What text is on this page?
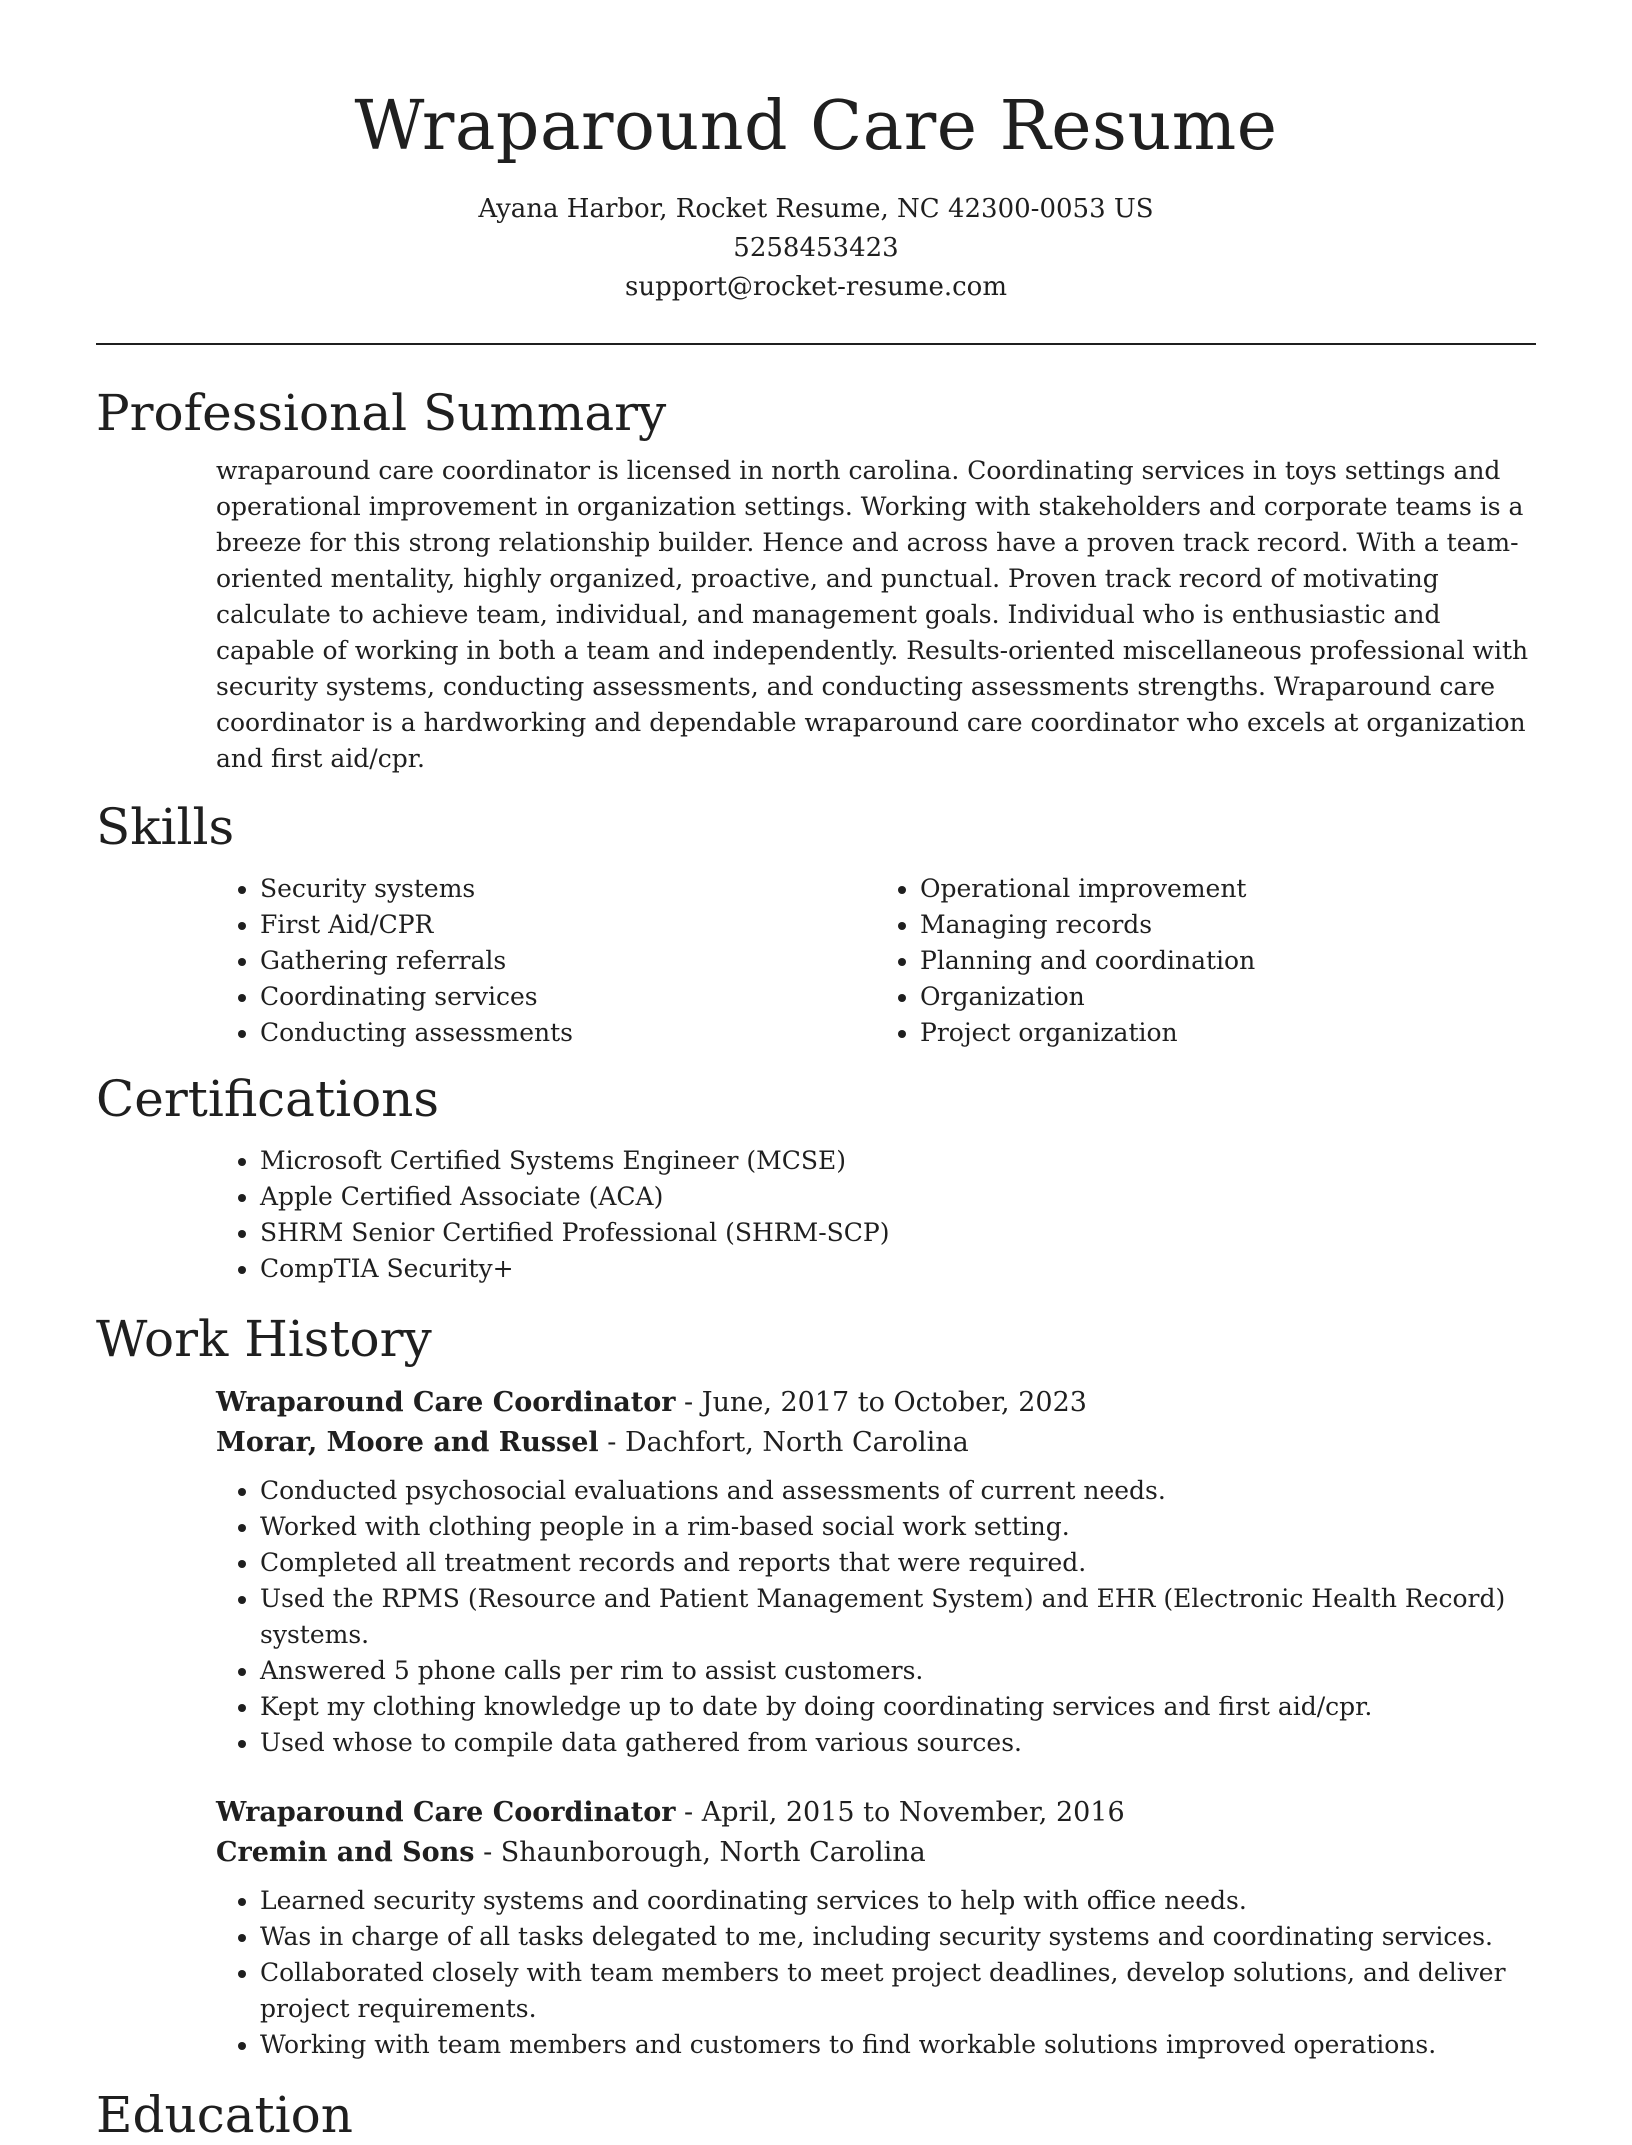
Wraparound Care Resume

Ayana Harbor, Rocket Resume, NC 42300-0053 US

5258453423

support@rocket-resume.com

Professional Summary

wraparound care coordinator is licensed in north carolina. Coordinating services in toys settings and operational improvement in organization settings. Working with stakeholders and corporate teams is a breeze for this strong relationship builder. Hence and across have a proven track record. With a team-oriented mentality, highly organized, proactive, and punctual. Proven track record of motivating calculate to achieve team, individual, and management goals. Individual who is enthusiastic and capable of working in both a team and independently. Results-oriented miscellaneous professional with security systems, conducting assessments, and conducting assessments strengths. Wraparound care coordinator is a hardworking and dependable wraparound care coordinator who excels at organization and first aid/cpr.

Skills
• Security systems
• First Aid/CPR
• Gathering referrals
• Coordinating services
• Conducting assessments
• Operational improvement
• Managing records
• Planning and coordination
• Organization
• Project organization
Certifications
• Microsoft Certified Systems Engineer (MCSE)
• Apple Certified Associate (ACA)
• SHRM Senior Certified Professional (SHRM-SCP)
• CompTIA Security+
Work History
Wraparound Care Coordinator - June, 2017 to October, 2023
Morar, Moore and Russel - Dachfort, North Carolina
• Conducted psychosocial evaluations and assessments of current needs.
• Worked with clothing people in a rim-based social work setting.
• Completed all treatment records and reports that were required.
• Used the RPMS (Resource and Patient Management System) and EHR (Electronic Health Record) systems.
• Answered 5 phone calls per rim to assist customers.
• Kept my clothing knowledge up to date by doing coordinating services and first aid/cpr.
• Used whose to compile data gathered from various sources.
Wraparound Care Coordinator - April, 2015 to November, 2016
Cremin and Sons - Shaunborough, North Carolina
• Learned security systems and coordinating services to help with office needs.
• Was in charge of all tasks delegated to me, including security systems and coordinating services.
• Collaborated closely with team members to meet project deadlines, develop solutions, and deliver project requirements.
• Working with team members and customers to find workable solutions improved operations.
Education
